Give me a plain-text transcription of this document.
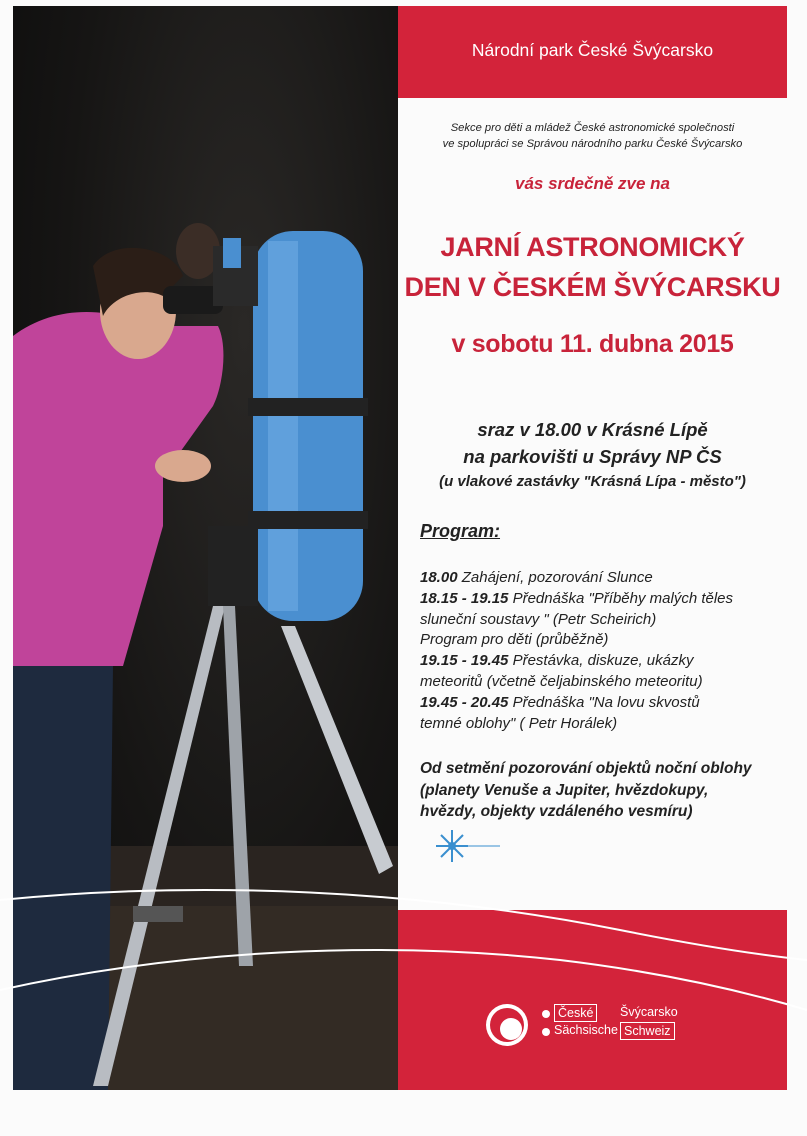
Národní park České Švýcarsko
Sekce pro děti a mládež České astronomické společnosti
ve spolupráci se Správou národního parku České Švýcarsko
vás srdečně zve na
JARNÍ ASTRONOMICKÝ
DEN V ČESKÉM ŠVÝCARSKU
v sobotu 11. dubna 2015
sraz v 18.00 v Krásné Lípě
na parkovišti u Správy NP ČS
(u vlakové zastávky "Krásná Lípa - město")
Program:
18.00 Zahájení, pozorování Slunce
18.15 - 19.15 Přednáška "Příběhy malých těles
sluneční soustavy " (Petr Scheirich)
Program pro děti (průběžně)
19.15 - 19.45 Přestávka, diskuze, ukázky
meteoritů (včetně čeljabinského meteoritu)
19.45 - 20.45 Přednáška "Na lovu skvostů
temné oblohy" ( Petr Horálek)
Od setmění pozorování objektů noční oblohy
(planety Venuše a Jupiter, hvězdokupy,
hvězdy, objekty vzdáleného vesmíru)
České	Švýcarsko
Sächsische Schweiz
